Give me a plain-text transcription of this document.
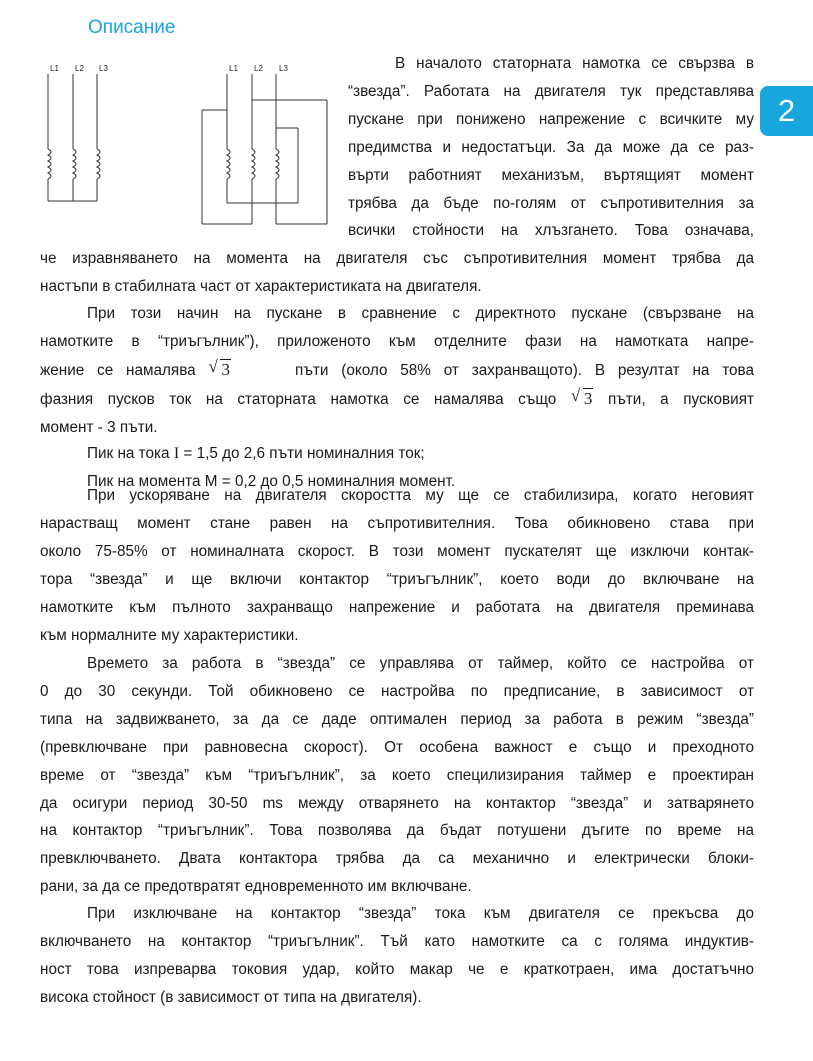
Описание
2
L1 L2 L3	L1 L2 L3	В началото статорната намотка се свързва в
“звезда”. Работата на двигателя тук представлява
пускане при понижено напрежение с всичките му
предимства и недостатъци. За да може да се раз-
върти работният механизъм, въртящият момент
трябва да бъде по-голям от съпротивителния за
всички стойности на хлъзгането. Това означава,
че изравняването на момента на двигателя със съпротивителния момент трябва да
настъпи в стабилната част от характеристиката на двигателя.
При този начин на пускане в сравнение с директното пускане (свързване на
намотките в “триъгълник”), приложеното към отделните фази на намотката напре-
жение се намалява √ 3	пъти (около 58% от захранващото). В резултат на това
фазния пусков ток на статорната намотка се намалява също √ 3 пъти, а пусковият
момент - 3 пъти.
Пик на тока I = 1,5 до 2,6 пъти номиналния ток;
Пик на момента М = 0,2 до 0,5 номиналния момент.
При ускоряване на двигателя скоростта му ще се стабилизира, когато неговият
нарастващ момент стане равен на съпротивителния. Това обикновено става при
около 75-85% от номиналната скорост. В този момент пускателят ще изключи контак-
тора “звезда” и ще включи контактор “триъгълник”, което води до включване на
намотките към пълното захранващо напрежение и работата на двигателя преминава
към нормалните му характеристики.
Времето за работа в “звезда” се управлява от таймер, който се настройва от
0 до 30 секунди. Той обикновено се настройва по предписание, в зависимост от
типа на задвижването, за да се даде оптимален период за работа в режим “звезда”
(превключване при равновесна скорост). От особена важност е също и преходното
време от “звезда” към “триъгълник”, за което специлизирания таймер е проектиран
да осигури период 30-50 ms между отварянето на контактор “звезда” и затварянето
на контактор “триъгълник”. Това позволява да бъдат потушени дъгите по време на
превключването. Двата контактора трябва да са механично и електрически блоки-
рани, за да се предотвратят едновременното им включване.
При изключване на контактор “звезда” тока към двигателя се прекъсва до
включването на контактор “триъгълник”. Тъй като намотките са с голяма индуктив-
ност това изпреварва токовия удар, който макар че е краткотраен, има достатъчно
висока стойност (в зависимост от типа на двигателя).
